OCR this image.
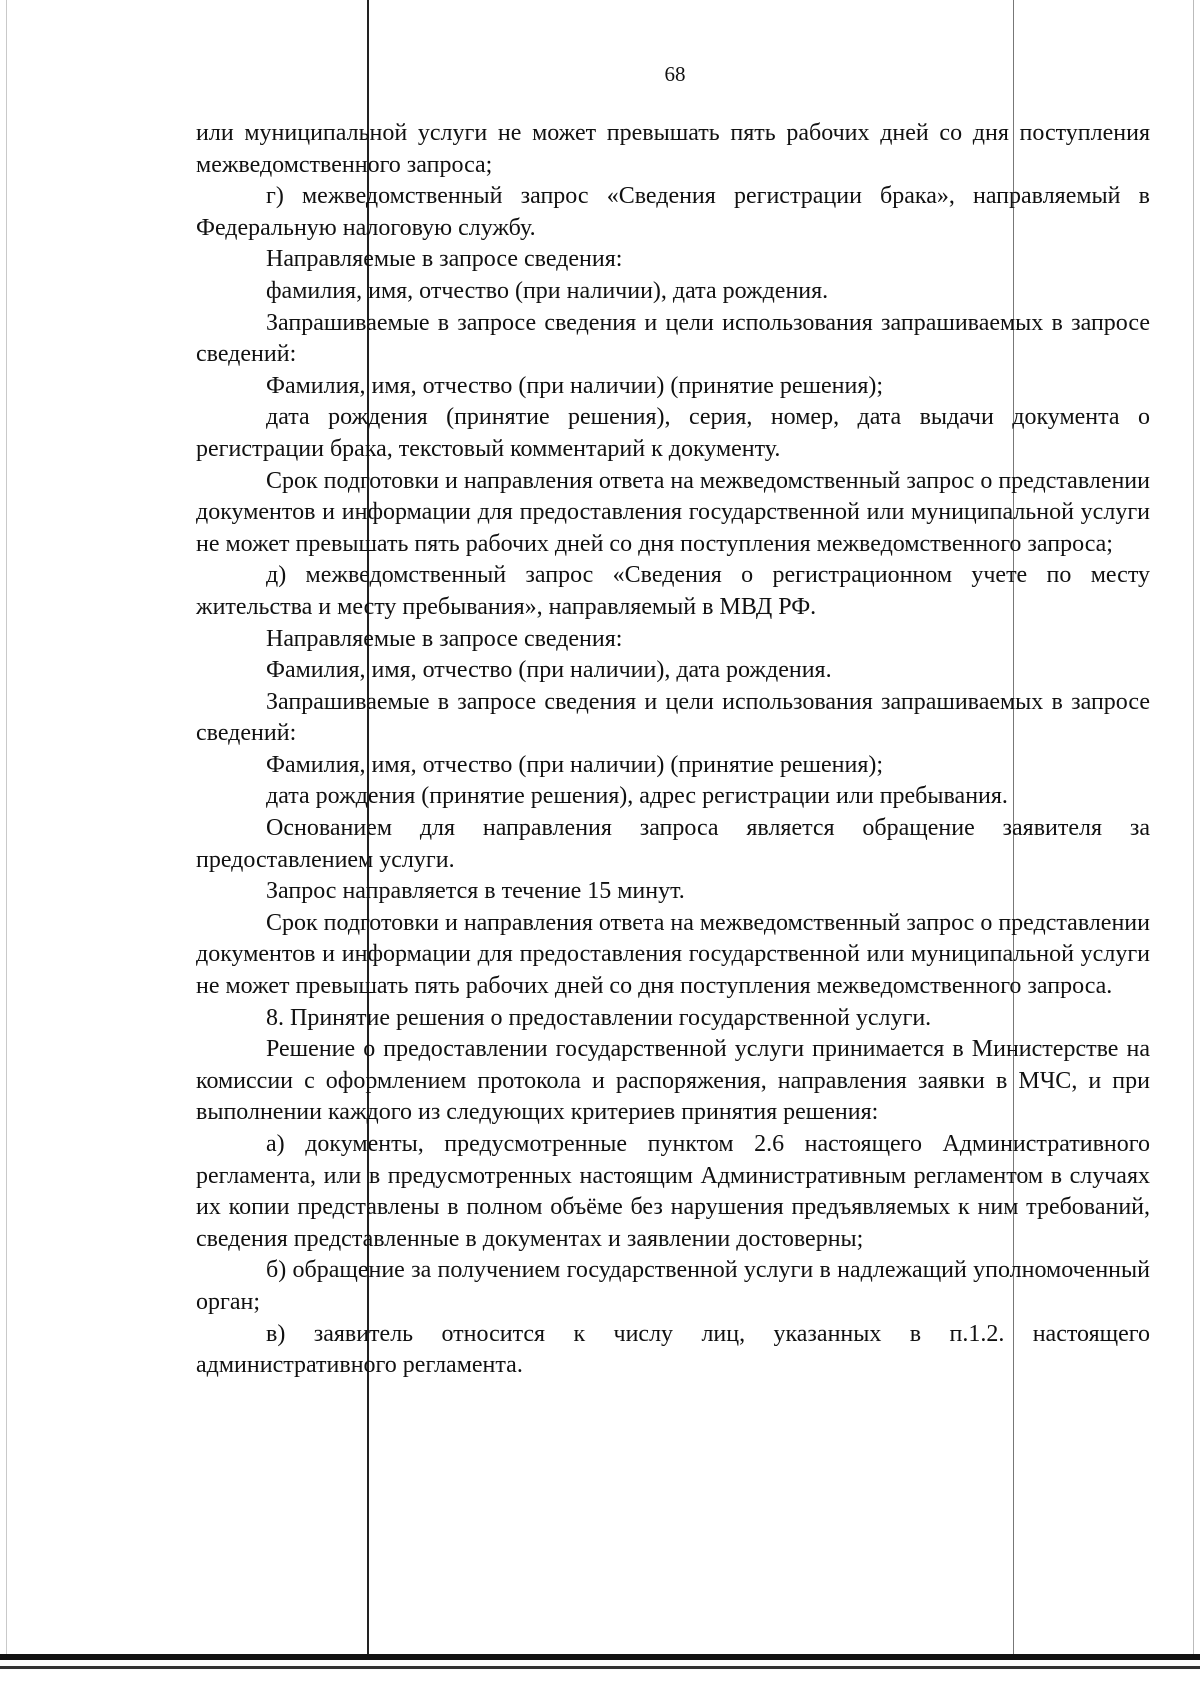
68

или муниципальной услуги не может превышать пять рабочих дней со дня поступления межведомственного запроса;

г) межведомственный запрос «Сведения регистрации брака», направляемый в Федеральную налоговую службу.

Направляемые в запросе сведения:

фамилия, имя, отчество (при наличии), дата рождения.

Запрашиваемые в запросе сведения и цели использования запрашиваемых в запросе сведений:

Фамилия, имя, отчество (при наличии) (принятие решения);

дата рождения (принятие решения), серия, номер, дата выдачи документа о регистрации брака, текстовый комментарий к документу.

Срок подготовки и направления ответа на межведомственный запрос о представлении документов и информации для предоставления государственной или муниципальной услуги не может превышать пять рабочих дней со дня поступления межведомственного запроса;

д) межведомственный запрос «Сведения о регистрационном учете по месту жительства и месту пребывания», направляемый в МВД РФ.

Направляемые в запросе сведения:

Фамилия, имя, отчество (при наличии), дата рождения.

Запрашиваемые в запросе сведения и цели использования запрашиваемых в запросе сведений:

Фамилия, имя, отчество (при наличии) (принятие решения);

дата рождения (принятие решения), адрес регистрации или пребывания.

Основанием для направления запроса является обращение заявителя за предоставлением услуги.

Запрос направляется в течение 15 минут.

Срок подготовки и направления ответа на межведомственный запрос о представлении документов и информации для предоставления государственной или муниципальной услуги не может превышать пять рабочих дней со дня поступления межведомственного запроса.

8. Принятие решения о предоставлении государственной услуги.

Решение о предоставлении государственной услуги принимается в Министерстве на комиссии с оформлением протокола и распоряжения, направления заявки в МЧС, и при выполнении каждого из следующих критериев принятия решения:

а) документы, предусмотренные пунктом 2.6 настоящего Административного регламента, или в предусмотренных настоящим Административным регламентом в случаях их копии представлены в полном объёме без нарушения предъявляемых к ним требований, сведения представленные в документах и заявлении достоверны;

б) обращение за получением государственной услуги в надлежащий уполномоченный орган;

в) заявитель относится к числу лиц, указанных в п.1.2. настоящего административного регламента.
